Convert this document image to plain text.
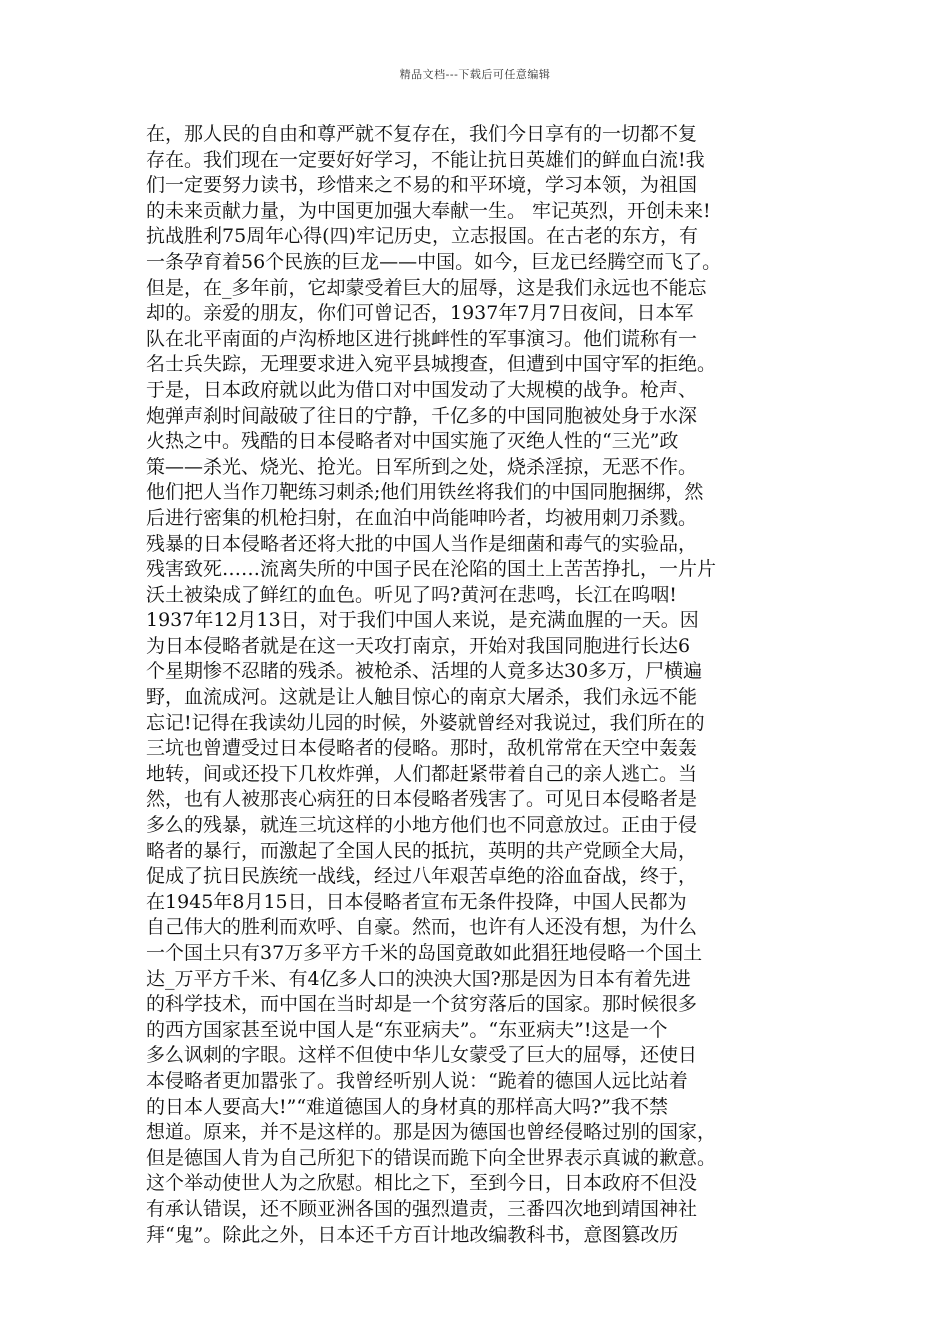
精品文档---下载后可任意编辑
在，那人民的自由和尊严就不复存在，我们今日享有的一切都不复
存在。我们现在一定要好好学习，不能让抗日英雄们的鲜血白流!我
们一定要努力读书，珍惜来之不易的和平环境，学习本领，为祖国
的未来贡献力量，为中国更加强大奉献一生。 牢记英烈，开创未来!
抗战胜利75周年心得(四)牢记历史，立志报国。在古老的东方，有
一条孕育着56个民族的巨龙——中国。如今，巨龙已经腾空而飞了。
但是，在_多年前，它却蒙受着巨大的屈辱，这是我们永远也不能忘
却的。亲爱的朋友，你们可曾记否，1937年7月7日夜间，日本军
队在北平南面的卢沟桥地区进行挑衅性的军事演习。他们谎称有一
名士兵失踪，无理要求进入宛平县城搜查，但遭到中国守军的拒绝。
于是，日本政府就以此为借口对中国发动了大规模的战争。枪声、
炮弹声刹时间敲破了往日的宁静，千亿多的中国同胞被处身于水深
火热之中。残酷的日本侵略者对中国实施了灭绝人性的“三光”政
策——杀光、烧光、抢光。日军所到之处，烧杀淫掠，无恶不作。
他们把人当作刀靶练习刺杀;他们用铁丝将我们的中国同胞捆绑，然
后进行密集的机枪扫射，在血泊中尚能呻吟者，均被用刺刀杀戮。
残暴的日本侵略者还将大批的中国人当作是细菌和毒气的实验品，
残害致死……流离失所的中国子民在沦陷的国土上苦苦挣扎，一片片
沃土被染成了鲜红的血色。听见了吗?黄河在悲鸣，长江在呜咽!
1937年12月13日，对于我们中国人来说，是充满血腥的一天。因
为日本侵略者就是在这一天攻打南京，开始对我国同胞进行长达6
个星期惨不忍睹的残杀。被枪杀、活埋的人竟多达30多万，尸横遍
野，血流成河。这就是让人触目惊心的南京大屠杀，我们永远不能
忘记!记得在我读幼儿园的时候，外婆就曾经对我说过，我们所在的
三坑也曾遭受过日本侵略者的侵略。那时，敌机常常在天空中轰轰
地转，间或还投下几枚炸弹，人们都赶紧带着自己的亲人逃亡。当
然，也有人被那丧心病狂的日本侵略者残害了。可见日本侵略者是
多么的残暴，就连三坑这样的小地方他们也不同意放过。正由于侵
略者的暴行，而激起了全国人民的抵抗，英明的共产党顾全大局，
促成了抗日民族统一战线，经过八年艰苦卓绝的浴血奋战，终于，
在1945年8月15日，日本侵略者宣布无条件投降，中国人民都为
自己伟大的胜利而欢呼、自豪。然而，也许有人还没有想，为什么
一个国土只有37万多平方千米的岛国竟敢如此猖狂地侵略一个国土
达_万平方千米、有4亿多人口的泱泱大国?那是因为日本有着先进
的科学技术，而中国在当时却是一个贫穷落后的国家。那时候很多
的西方国家甚至说中国人是“东亚病夫”。“东亚病夫”!这是一个
多么讽刺的字眼。这样不但使中华儿女蒙受了巨大的屈辱，还使日
本侵略者更加嚣张了。我曾经听别人说：“跪着的德国人远比站着
的日本人要高大!”“难道德国人的身材真的那样高大吗?”我不禁
想道。原来，并不是这样的。那是因为德国也曾经侵略过别的国家，
但是德国人肯为自己所犯下的错误而跪下向全世界表示真诚的歉意。
这个举动使世人为之欣慰。相比之下，至到今日，日本政府不但没
有承认错误，还不顾亚洲各国的强烈遣责，三番四次地到靖国神社
拜“鬼”。除此之外，日本还千方百计地改编教科书，意图篡改历
